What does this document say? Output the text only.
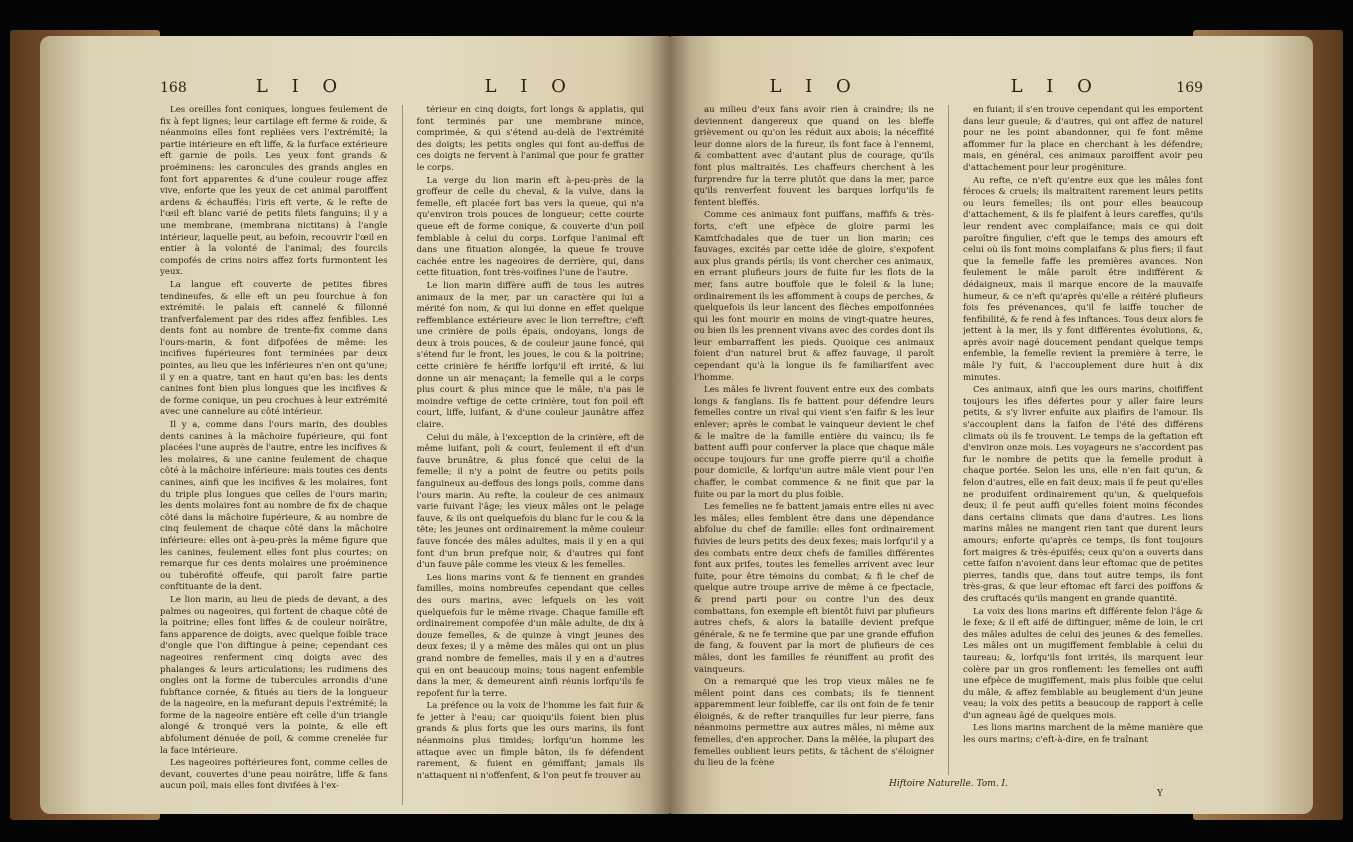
168	L I O	L I O

Les oreilles font coniques, longues feulement de fix à fept lignes; leur cartilage eft ferme & roide, & néanmoins elles font repliées vers l'extrémité; la partie intérieure en eft liffe, & la furface extérieure eft garnie de poils. Les yeux font grands & proéminens: les caroncules des grands angles en font fort apparentes & d'une couleur rouge affez vive, enforte que les yeux de cet animal paroiffent ardens & échauffés: l'iris eft verte, & le refte de l'œil eft blanc varié de petits filets fanguins; il y a une membrane, (membrana nictitans) à l'angle intérieur, laquelle peut, au befoin, recouvrir l'œil en entier à la volonté de l'animal; des fourcils compofés de crins noirs affez forts furmontent les yeux.

La langue eft couverte de petites fibres tendineufes, & elle eft un peu fourchue à fon extrémité: le palais eft cannelé & fillonné tranfverfalement par des rides affez fenfibles. Les dents font au nombre de trente-fix comme dans l'ours-marin, & font difpofées de même: les incifives fupérieures font terminées par deux pointes, au lieu que les inférieures n'en ont qu'une; il y en a quatre, tant en haut qu'en bas: les dents canines font bien plus longues que les incifives & de forme conique, un peu crochues à leur extrémité avec une cannelure au côté intérieur.

Il y a, comme dans l'ours marin, des doubles dents canines à la mâchoire fupérieure, qui font placées l'une auprès de l'autre, entre les incifives & les molaires, & une canine feulement de chaque côté à la mâchoire inférieure: mais toutes ces dents canines, ainfi que les incifives & les molaires, font du triple plus longues que celles de l'ours marin; les dents molaires font au nombre de fix de chaque côté dans la mâchoire fupérieure, & au nombre de cinq feulement de chaque côté dans la mâchoire inférieure: elles ont à-peu-près la même figure que les canines, feulement elles font plus courtes; on remarque fur ces dents molaires une proéminence ou tubérofité offeufe, qui paroît faire partie conftituante de la dent.

Le lion marin, au lieu de pieds de devant, a des palmes ou nageoires, qui fortent de chaque côté de la poitrine; elles font liffes & de couleur noirâtre, fans apparence de doigts, avec quelque foible trace d'ongle que l'on diftingue à peine; cependant ces nageoires renferment cinq doigts avec des phalanges & leurs articulations; les rudimens des ongles ont la forme de tubercules arrondis d'une fubftance cornée, & fitués au tiers de la longueur de la nageoire, en la mefurant depuis l'extrémité; la forme de la nageoire entière eft celle d'un triangle alongé & tronqué vers la pointe, & elle eft abfolument dénuée de poil, & comme crenelée fur la face intérieure.

Les nageoires poftérieures font, comme celles de devant, couvertes d'une peau noirâtre, liffe & fans aucun poil, mais elles font divifées à l'ex-

térieur en cinq doigts, fort longs & applatis, qui font terminés par une membrane mince, comprimée, & qui s'étend au-delà de l'extrémité des doigts; les petits ongles qui font au-deffus de ces doigts ne fervent à l'animal que pour fe gratter le corps.

La verge du lion marin eft à-peu-près de la groffeur de celle du cheval, & la vulve, dans la femelle, eft placée fort bas vers la queue, qui n'a qu'environ trois pouces de longueur; cette courte queue eft de forme conique, & couverte d'un poil femblable à celui du corps. Lorfque l'animal eft dans une fituation alongée, la queue fe trouve cachée entre les nageoires de derrière, qui, dans cette fituation, font très-voifines l'une de l'autre.

Le lion marin diffère auffi de tous les autres animaux de la mer, par un caractère qui lui a mérité fon nom, & qui lui donne en effet quelque reffemblance extérieure avec le lion terreftre; c'eft une crinière de poils épais, ondoyans, longs de deux à trois pouces, & de couleur jaune foncé, qui s'étend fur le front, les joues, le cou & la poitrine; cette crinière fe hériffe lorfqu'il eft irrité, & lui donne un air menaçant; la femelle qui a le corps plus court & plus mince que le mâle, n'a pas le moindre veftige de cette crinière, tout fon poil eft court, liffe, luifant, & d'une couleur jaunâtre affez claire.

Celui du mâle, à l'exception de la crinière, eft de même luifant, poli & court, feulement il eft d'un fauve brunâtre, & plus foncé que celui de la femelle; il n'y a point de feutre ou petits poils fanguineux au-deffous des longs poils, comme dans l'ours marin. Au refte, la couleur de ces animaux varie fuivant l'âge; les vieux mâles ont le pelage fauve, & ils ont quelquefois du blanc fur le cou & la tête; les jeunes ont ordinairement la même couleur fauve foncée des mâles adultes, mais il y en a qui font d'un brun prefque noir, & d'autres qui font d'un fauve pâle comme les vieux & les femelles.

Les lions marins vont & fe tiennent en grandes familles, moins nombreufes cependant que celles des ours marins, avec lefquels on les voit quelquefois fur le même rivage. Chaque famille eft ordinairement compofée d'un mâle adulte, de dix à douze femelles, & de quinze à vingt jeunes des deux fexes; il y a même des mâles qui ont un plus grand nombre de femelles, mais il y en a d'autres qui en ont beaucoup moins; tous nagent enfemble dans la mer, & demeurent ainfi réunis lorfqu'ils fe repofent fur la terre.

La préfence ou la voix de l'homme les fait fuir & fe jetter à l'eau; car quoiqu'ils foient bien plus grands & plus forts que les ours marins, ils font néanmoins plus timides; lorfqu'un homme les attaque avec un fimple bâton, ils fe défendent rarement, & fuient en gémiffant; jamais ils n'attaquent ni n'offenfent, & l'on peut fe trouver au

L I O	L I O	169

au milieu d'eux fans avoir rien à craindre; ils ne deviennent dangereux que quand on les bleffe grièvement ou qu'on les réduit aux abois; la néceffité leur donne alors de la fureur, ils font face à l'ennemi, & combattent avec d'autant plus de courage, qu'ils font plus maltraités. Les chaffeurs cherchent à les furprendre fur la terre plutôt que dans la mer, parce qu'ils renverfent fouvent les barques lorfqu'ils fe fentent bleffés.

Comme ces animaux font puiffans, maffifs & très-forts, c'eft une efpèce de gloire parmi les Kamtfchadales que de tuer un lion marin; ces fauvages, excités par cette idée de gloire, s'expofent aux plus grands périls; ils vont chercher ces animaux, en errant plufieurs jours de fuite fur les flots de la mer, fans autre bouffole que le foleil & la lune; ordinairement ils les affomment à coups de perches, & quelquefois ils leur lancent des flèches empoifonnées qui les font mourir en moins de vingt-quatre heures, ou bien ils les prennent vivans avec des cordes dont ils leur embarraffent les pieds. Quoique ces animaux foient d'un naturel brut & affez fauvage, il paroît cependant qu'à la longue ils fe familiarifent avec l'homme.

Les mâles fe livrent fouvent entre eux des combats longs & fanglans. Ils fe battent pour défendre leurs femelles contre un rival qui vient s'en faifir & les leur enlever; après le combat le vainqueur devient le chef & le maître de la famille entière du vaincu; ils fe battent auffi pour conferver la place que chaque mâle occupe toujours fur une groffe pierre qu'il a choifie pour domicile, & lorfqu'un autre mâle vient pour l'en chaffer, le combat commence & ne finit que par la fuite ou par la mort du plus foible.

Les femelles ne fe battent jamais entre elles ni avec les mâles; elles femblent être dans une dépendance abfolue du chef de famille: elles font ordinairement fuivies de leurs petits des deux fexes; mais lorfqu'il y a des combats entre deux chefs de familles différentes font aux prifes, toutes les femelles arrivent avec leur fuite, pour être témoins du combat; & fi le chef de quelque autre troupe arrive de même à ce fpectacle, & prend parti pour ou contre l'un des deux combattans, fon exemple eft bientôt fuivi par plufieurs autres chefs, & alors la bataille devient prefque générale, & ne fe termine que par une grande effufion de fang, & fouvent par la mort de plufieurs de ces mâles, dont les familles fe réuniffent au profit des vainqueurs.

On a remarqué que les trop vieux mâles ne fe mêlent point dans ces combats; ils fe tiennent apparemment leur foibleffe, car ils ont foin de fe tenir éloignés, & de refter tranquilles fur leur pierre, fans néanmoins permettre aux autres mâles, ni même aux femelles, d'en approcher. Dans la mêlée, la plupart des femelles oublient leurs petits, & tâchent de s'éloigner du lieu de la fcène

en fuiant; il s'en trouve cependant qui les emportent dans leur gueule; & d'autres, qui ont affez de naturel pour ne les point abandonner, qui fe font même affommer fur la place en cherchant à les défendre; mais, en général, ces animaux paroiffent avoir peu d'attachement pour leur progéniture.

Au refte, ce n'eft qu'entre eux que les mâles font féroces & cruels; ils maltraitent rarement leurs petits ou leurs femelles; ils ont pour elles beaucoup d'attachement, & ils fe plaifent à leurs careffes, qu'ils leur rendent avec complaifance; mais ce qui doit paroître fingulier, c'eft que le temps des amours eft celui où ils font moins complaifans & plus fiers; il faut que la femelle faffe les premières avances. Non feulement le mâle paroît être indifférent & dédaigneux, mais il marque encore de la mauvaife humeur, & ce n'eft qu'après qu'elle a réitéré plufieurs fois fes prévenances, qu'il fe laiffe toucher de fenfibilité, & fe rend à fes inftances. Tous deux alors fe jettent à la mer, ils y font différentes évolutions, &, après avoir nagé doucement pendant quelque temps enfemble, la femelle revient la première à terre, le mâle l'y fuit, & l'accouplement dure huit à dix minutes.

Ces animaux, ainfi que les ours marins, choififfent toujours les ifles défertes pour y aller faire leurs petits, & s'y livrer enfuite aux plaifirs de l'amour. Ils s'accouplent dans la faifon de l'été des différens climats où ils fe trouvent. Le temps de la geftation eft d'environ onze mois. Les voyageurs ne s'accordent pas fur le nombre de petits que la femelle produit à chaque portée. Selon les uns, elle n'en fait qu'un, & felon d'autres, elle en fait deux; mais il fe peut qu'elles ne produifent ordinairement qu'un, & quelquefois deux; il fe peut auffi qu'elles foient moins fécondes dans certains climats que dans d'autres. Les lions marins mâles ne mangent rien tant que durent leurs amours; enforte qu'après ce temps, ils font toujours fort maigres & très-épuifés; ceux qu'on a ouverts dans cette faifon n'avoient dans leur eftomac que de petites pierres, tandis que, dans tout autre temps, ils font très-gras, & que leur eftomac eft farci des poiffons & des cruftacés qu'ils mangent en grande quantité.

La voix des lions marins eft différente felon l'âge & le fexe; & il eft aifé de diftinguer, même de loin, le cri des mâles adultes de celui des jeunes & des femelles. Les mâles ont un mugiffement femblable à celui du taureau; &, lorfqu'ils font irrités, ils marquent leur colère par un gros ronflement: les femelles ont auffi une efpèce de mugiffement, mais plus foible que celui du mâle, & affez femblable au beuglement d'un jeune veau; la voix des petits a beaucoup de rapport à celle d'un agneau âgé de quelques mois.

Les lions marins marchent de la même manière que les ours marins; c'eft-à-dire, en fe traînant

Hiftoire Naturelle. Tom. I.
Y
